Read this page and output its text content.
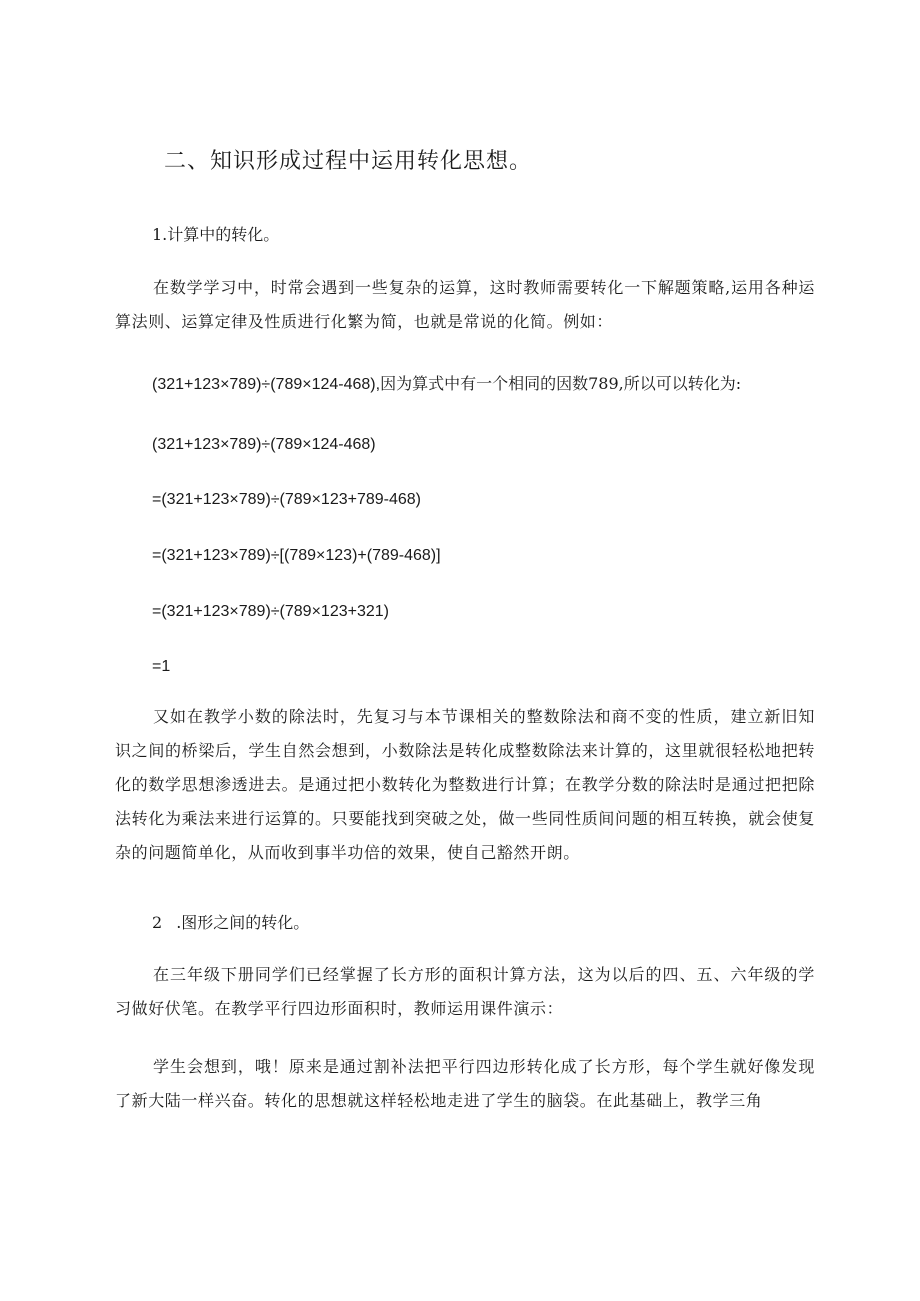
二、知识形成过程中运用转化思想。
1.计算中的转化。

在数学学习中，时常会遇到一些复杂的运算，这时教师需要转化一下解题策略,运用各种运算法则、运算定律及性质进行化繁为简，也就是常说的化简。例如：

(321+123×789)÷(789×124-468),因为算式中有一个相同的因数789,所以可以转化为:
(321+123×789)÷(789×124-468)
=(321+123×789)÷(789×123+789-468)
=(321+123×789)÷[(789×123)+(789-468)]
=(321+123×789)÷(789×123+321)
=1

又如在教学小数的除法时，先复习与本节课相关的整数除法和商不变的性质，建立新旧知识之间的桥梁后，学生自然会想到，小数除法是转化成整数除法来计算的，这里就很轻松地把转化的数学思想渗透进去。是通过把小数转化为整数进行计算；在教学分数的除法时是通过把把除法转化为乘法来进行运算的。只要能找到突破之处，做一些同性质间问题的相互转换，就会使复杂的问题简单化，从而收到事半功倍的效果，使自己豁然开朗。

2 .图形之间的转化。

在三年级下册同学们已经掌握了长方形的面积计算方法，这为以后的四、五、六年级的学习做好伏笔。在教学平行四边形面积时，教师运用课件演示：

学生会想到，哦！原来是通过割补法把平行四边形转化成了长方形，每个学生就好像发现了新大陆一样兴奋。转化的思想就这样轻松地走进了学生的脑袋。在此基础上，教学三角
